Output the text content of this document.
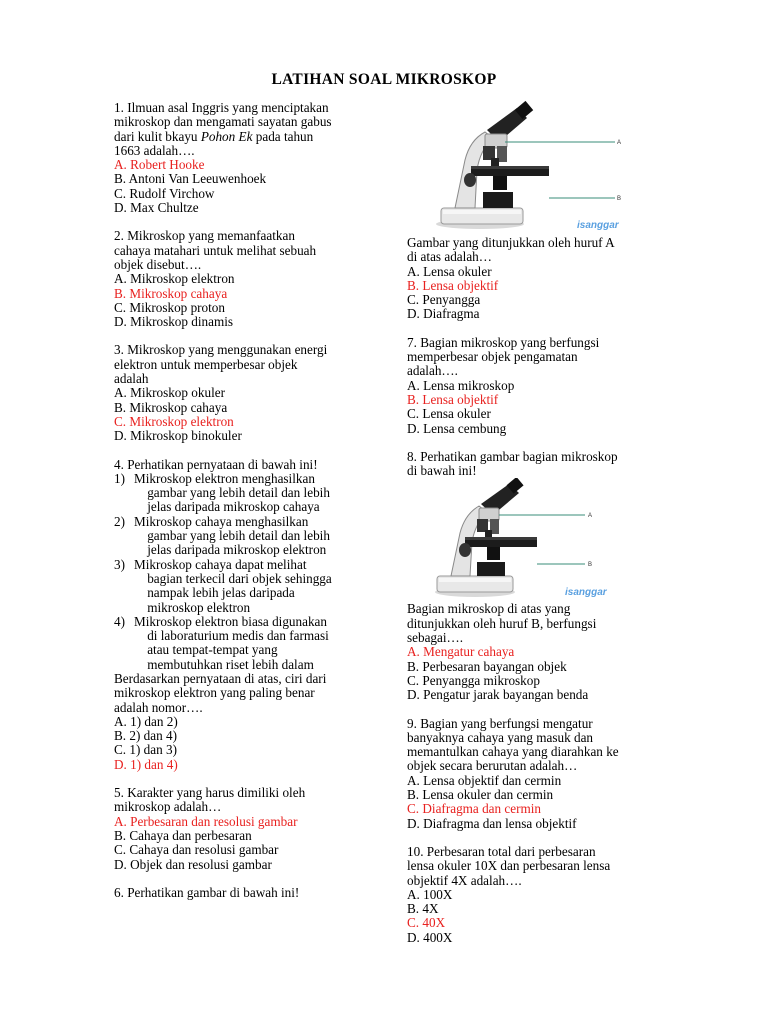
LATIHAN SOAL MIKROSKOP
1. Ilmuan asal Inggris yang menciptakan
mikroskop dan mengamati sayatan gabus
dari kulit bkayu Pohon Ek pada tahun
1663 adalah….
A. Robert Hooke
B. Antoni Van Leeuwenhoek
C. Rudolf Virchow
D. Max Chultze
2. Mikroskop yang memanfaatkan
cahaya matahari untuk melihat sebuah
objek disebut….
A. Mikroskop elektron
B. Mikroskop cahaya
C. Mikroskop proton
D. Mikroskop dinamis
3. Mikroskop yang menggunakan energi
elektron untuk memperbesar objek
adalah
A. Mikroskop okuler
B. Mikroskop cahaya
C. Mikroskop elektron
D. Mikroskop binokuler
4. Perhatikan pernyataan di bawah ini!
1) Mikroskop elektron menghasilkan
gambar yang lebih detail dan lebih
jelas daripada mikroskop cahaya
2) Mikroskop cahaya menghasilkan
gambar yang lebih detail dan lebih
jelas daripada mikroskop elektron
3) Mikroskop cahaya dapat melihat
bagian terkecil dari objek sehingga
nampak lebih jelas daripada
mikroskop elektron
4) Mikroskop elektron biasa digunakan
di laboraturium medis dan farmasi
atau tempat-tempat yang
membutuhkan riset lebih dalam
Berdasarkan pernyataan di atas, ciri dari
mikroskop elektron yang paling benar
adalah nomor….
A. 1) dan 2)
B. 2) dan 4)
C. 1) dan 3)
D. 1) dan 4)
5. Karakter yang harus dimiliki oleh
mikroskop adalah…
A. Perbesaran dan resolusi gambar
B. Cahaya dan perbesaran
C. Cahaya dan resolusi gambar
D. Objek dan resolusi gambar
6. Perhatikan gambar di bawah ini!
A
B
isanggar
Gambar yang ditunjukkan oleh huruf A
di atas adalah…
A. Lensa okuler
B. Lensa objektif
C. Penyangga
D. Diafragma
7. Bagian mikroskop yang berfungsi
memperbesar objek pengamatan
adalah….
A. Lensa mikroskop
B. Lensa objektif
C. Lensa okuler
D. Lensa cembung
8. Perhatikan gambar bagian mikroskop
di bawah ini!
Bagian mikroskop di atas yang
ditunjukkan oleh huruf B, berfungsi
sebagai….
A. Mengatur cahaya
B. Perbesaran bayangan objek
C. Penyangga mikroskop
D. Pengatur jarak bayangan benda
9. Bagian yang berfungsi mengatur
banyaknya cahaya yang masuk dan
memantulkan cahaya yang diarahkan ke
objek secara berurutan adalah…
A. Lensa objektif dan cermin
B. Lensa okuler dan cermin
C. Diafragma dan cermin
D. Diafragma dan lensa objektif
10. Perbesaran total dari perbesaran
lensa okuler 10X dan perbesaran lensa
objektif 4X adalah….
A. 100X
B. 4X
C. 40X
D. 400X
A
B
isanggar
